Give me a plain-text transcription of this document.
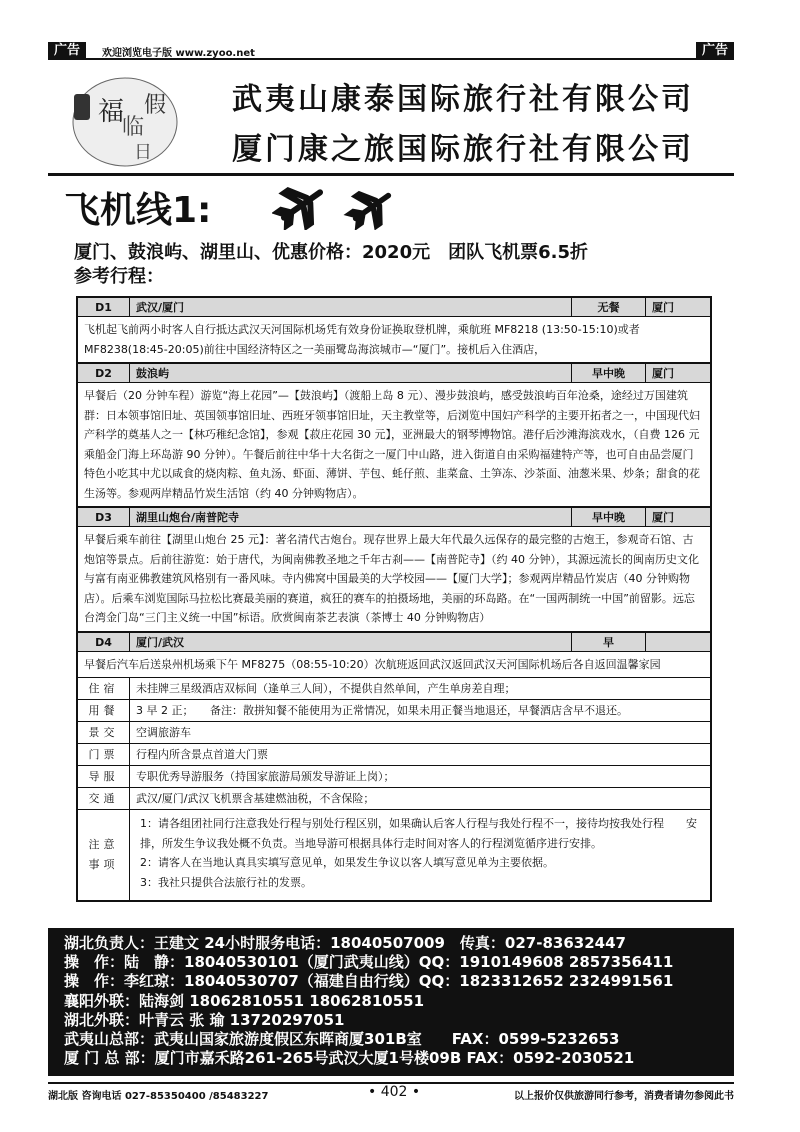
广告	欢迎浏览电子版 www.zyoo.net	广告
福
临
假
日
武夷山康泰国际旅行社有限公司
厦门康之旅国际旅行社有限公司
飞机线1:
厦门、鼓浪屿、湖里山、优惠价格：2020元　团队飞机票6.5折
参考行程：
D1	武汉/厦门	无餐	厦门
飞机起飞前两小时客人自行抵达武汉天河国际机场凭有效身份证换取登机牌，乘航班 MF8218 (13:50-15:10)或者MF8238(18:45-20:05)前往中国经济特区之一美丽鹭岛海滨城市—“厦门”。接机后入住酒店，
D2	鼓浪屿	早中晚	厦门
早餐后（20 分钟车程）游览“海上花园”—【鼓浪屿】（渡船上岛 8 元）、漫步鼓浪屿，感受鼓浪屿百年沧桑，途经过万国建筑群：日本领事馆旧址、英国领事馆旧址、西班牙领事馆旧址，天主教堂等，后浏览中国妇产科学的主要开拓者之一，中国现代妇产科学的奠基人之一【林巧稚纪念馆】，参观【菽庄花园 30 元】，亚洲最大的钢琴博物馆。港仔后沙滩海滨戏水，（自费 126 元乘船金门海上环岛游 90 分钟）。午餐后前往中华十大名街之一厦门中山路，进入街道自由采购福建特产等，也可自由品尝厦门特色小吃其中尤以咸食的烧肉粽、鱼丸汤、虾面、薄饼、芋包、蚝仔煎、韭菜盒、土笋冻、沙茶面、油葱米果、炒条；甜食的花生汤等。参观两岸精品竹炭生活馆（约 40 分钟购物店）。
D3	湖里山炮台/南普陀寺	早中晚	厦门
早餐后乘车前往【湖里山炮台 25 元】：著名清代古炮台。现存世界上最大年代最久远保存的最完整的古炮王，参观奇石馆、古炮馆等景点。后前往游览：始于唐代，为闽南佛教圣地之千年古刹——【南普陀寺】（约 40 分钟），其源远流长的闽南历史文化与富有南亚佛教建筑风格别有一番风味。寺内佛窝中国最美的大学校园——【厦门大学】；参观两岸精品竹炭店（40 分钟购物店）。后乘车浏览国际马拉松比赛最美丽的赛道，疯狂的赛车的拍摄场地，美丽的环岛路。在“一国两制统一中国”前留影。远忘台湾金门岛“三门主义统一中国”标语。欣赏闽南茶艺表演（茶博士 40 分钟购物店）
D4	厦门/武汉	早
早餐后汽车后送泉州机场乘下午 MF8275（08:55-10:20）次航班返回武汉返回武汉天河国际机场后各自返回温馨家园
住宿	未挂牌三星级酒店双标间（逢单三人间），不提供自然单间，产生单房差自理；
用餐	3 早 2 正；　　备注：散拼知餐不能使用为正常情况，如果未用正餐当地退还，早餐酒店含早不退还。
景交	空调旅游车
门票	行程内所含景点首道大门票
导服	专职优秀导游服务（持国家旅游局颁发导游证上岗）；
交通	武汉/厦门/武汉飞机票含基建燃油税，不含保险；
注意
事项
1：请各组团社同行注意我处行程与别处行程区别，如果确认后客人行程与我处行程不一，接待均按我处行程　　安排，所发生争议我处概不负责。当地导游可根据具体行走时间对客人的行程浏览循序进行安排。
2：请客人在当地认真具实填写意见单，如果发生争议以客人填写意见单为主要依据。
3：我社只提供合法旅行社的发票。
湖北负责人：王建文 24小时服务电话：18040507009　传真：027-83632447
操　作：陆　静：18040530101（厦门武夷山线）QQ：1910149608 2857356411
操　作：李红琼：18040530707（福建自由行线）QQ：1823312652 2324991561
襄阳外联：陆海剑 18062810551 18062810551
湖北外联：叶青云 张 瑜 13720297051
武夷山总部：武夷山国家旅游度假区东晖商厦301B室　　FAX：0599-5232653
厦 门 总 部：厦门市嘉禾路261-265号武汉大厦1号楼09B FAX：0592-2030521
湖北版 咨询电话 027-85350400 /85483227	• 402 •	以上报价仅供旅游同行参考，消费者请勿参阅此书
